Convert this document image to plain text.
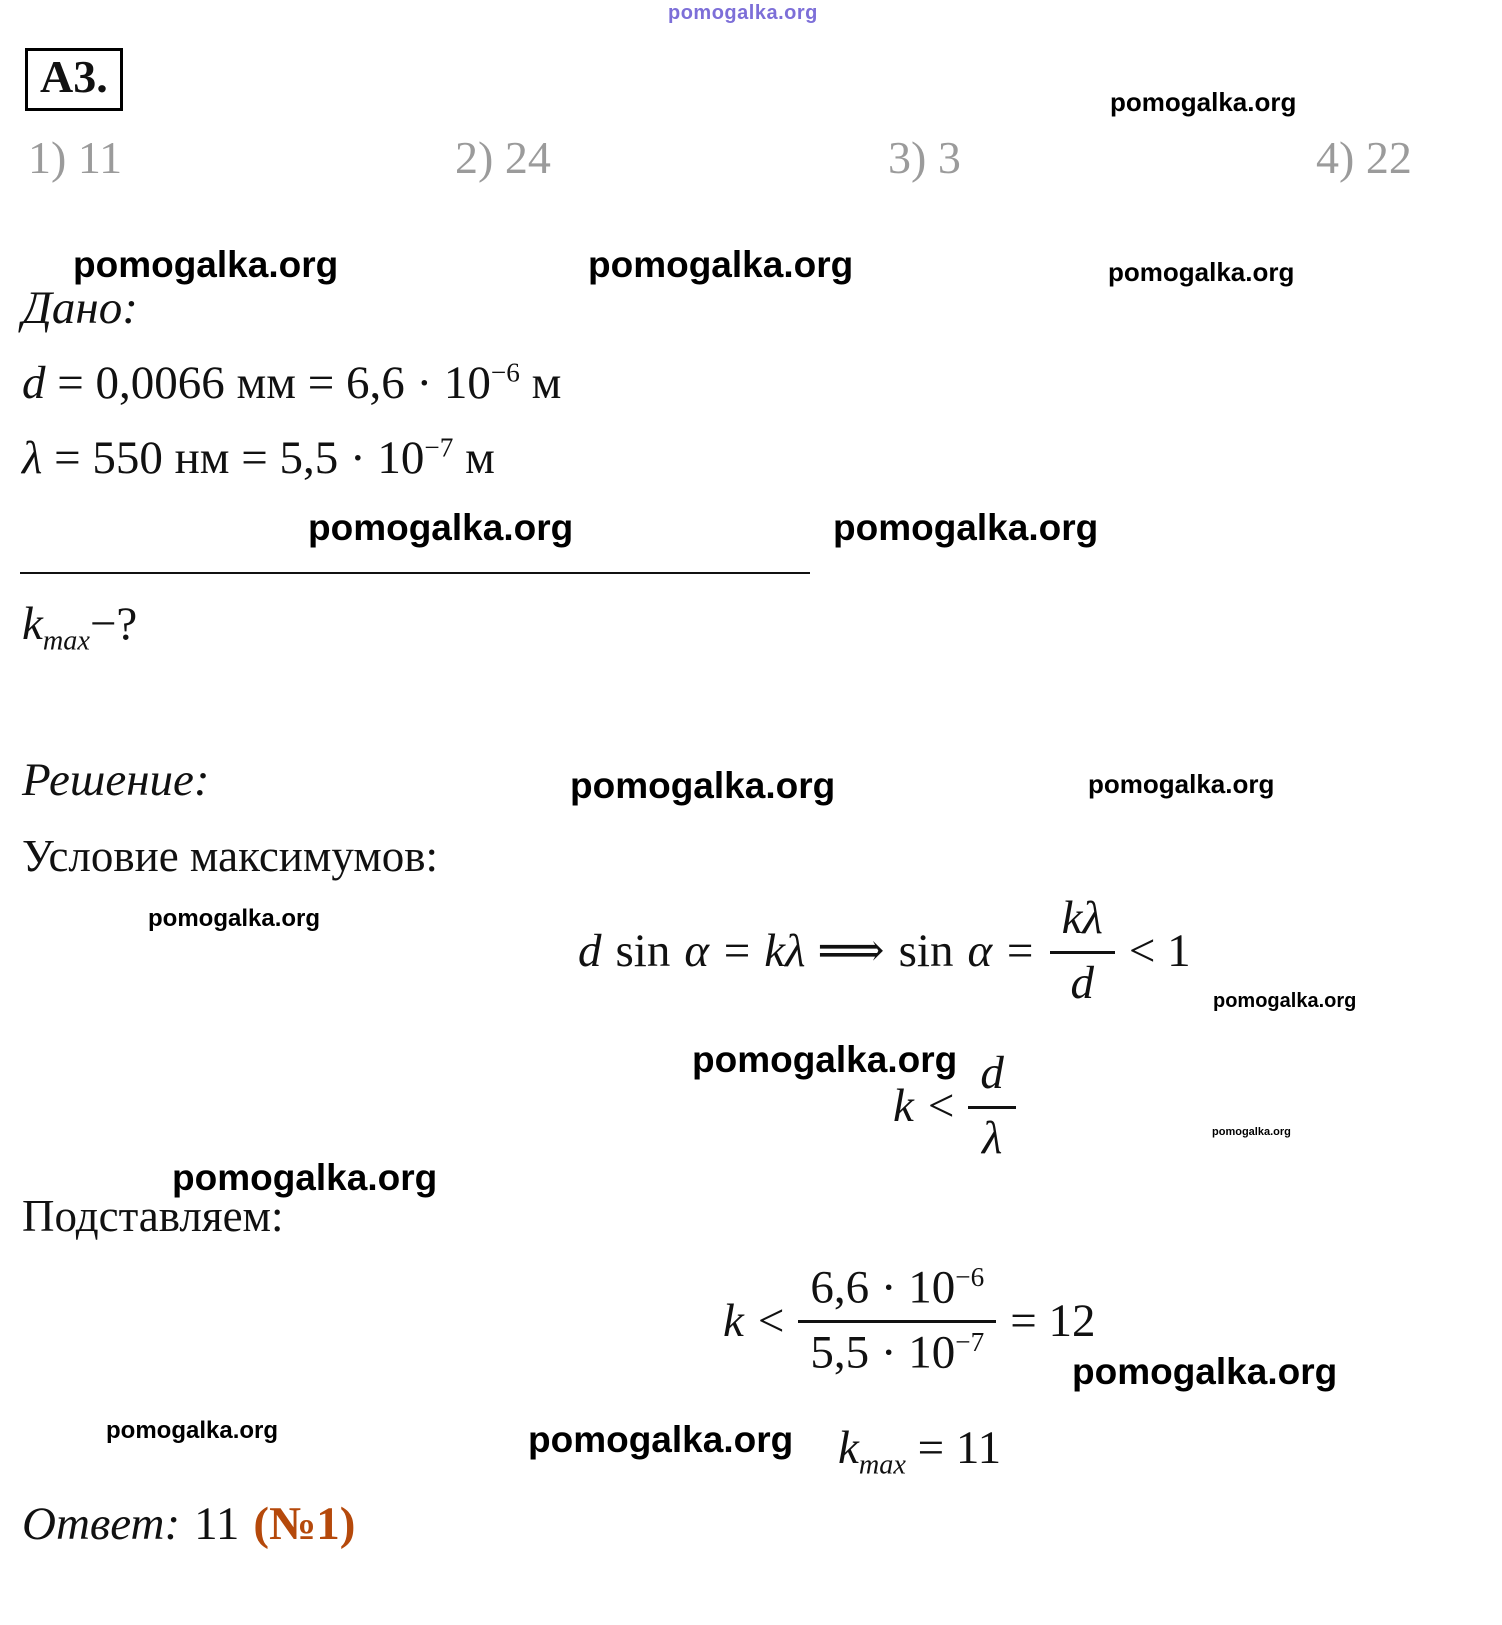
pomogalka.org
А3.	pomogalka.org
1) 11	2) 24	3) 3	4) 22
pomogalka.org	pomogalka.org	pomogalka.org
Дано:
d = 0,0066 мм = $6,6 \cdot 10^{-6}$ м
λ = 550 нм = $5,5 \cdot 10^{-7}$ м
pomogalka.org	pomogalka.org
$k_{max}-$?
Решение:	pomogalka.org	pomogalka.org
Условие максимумов:
pomogalka.org
d sin α = kλ ⟹ $\sin \alpha = \frac{k\lambda}{d} < 1$
pomogalka.org
pomogalka.org
$k < \frac{d}{\lambda}$	pomogalka.org
pomogalka.org
Подставляем:
$k < \frac{6,6 \cdot 10^{-6}}{5,5 \cdot 10^{-7}} = 12$
pomogalka.org
pomogalka.org	pomogalka.org $k_{max} = 11$
Ответ: 11 (№1)
